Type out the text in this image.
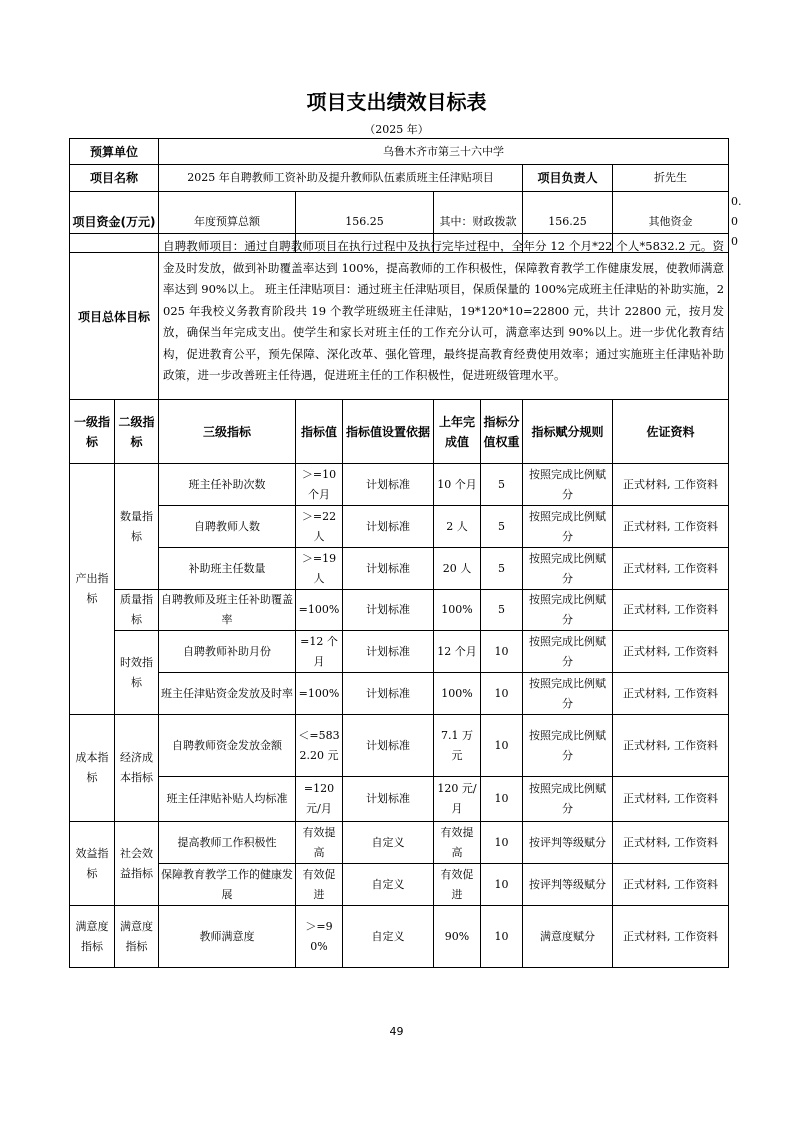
项目支出绩效目标表
（2025 年）
预算单位	乌鲁木齐市第三十六中学					
项目名称	2025 年自聘教师工资补助及提升教师队伍素质班主任津贴项目			项目负责人	折先生	
项目资金(万元)	年度预算总额	156.25	其中：财政拨款	156.25	其他资金	0.00
项目总体目标		自聘教师项目：通过自聘教师项目在执行过程中及执行完毕过程中，全年分 12 个月*22 个人*5832.2 元。资金及时发放，做到补助覆盖率达到 100%，提高教师的工作积极性，保障教育教学工作健康发展，使教师满意率达到 90%以上。 班主任津贴项目：通过班主任津贴项目，保质保量的 100%完成班主任津贴的补助实施，2025 年我校义务教育阶段共 19 个教学班级班主任津贴，19*120*10=22800 元，共计 22800 元，按月发放，确保当年完成支出。使学生和家长对班主任的工作充分认可，满意率达到 90%以上。进一步优化教育结构，促进教育公平，预先保障、深化改革、强化管理，最终提高教育经费使用效率；通过实施班主任津贴补助政策，进一步改善班主任待遇，促进班主任的工作积极性，促进班级管理水平。						
一级指标	二级指标	三级指标	指标值	指标值设置依据	上年完成值	指标分值权重	指标赋分规则	佐证资料
产出指标	数量指标	班主任补助次数	＞=10 个月	计划标准	10 个月	5	按照完成比例赋分	正式材料, 工作资料
		自聘教师人数	＞=22 人	计划标准	2 人	5	按照完成比例赋分	正式材料, 工作资料
		补助班主任数量	＞=19 人	计划标准	20 人	5	按照完成比例赋分	正式材料, 工作资料
	质量指标	自聘教师及班主任补助覆盖率	=100%	计划标准	100%	5	按照完成比例赋分	正式材料, 工作资料
	时效指标	自聘教师补助月份	=12 个月	计划标准	12 个月	10	按照完成比例赋分	正式材料, 工作资料
		班主任津贴资金发放及时率	=100%	计划标准	100%	10	按照完成比例赋分	正式材料, 工作资料
成本指标	经济成本指标	自聘教师资金发放金额	＜=5832.20 元	计划标准	7.1 万元	10	按照完成比例赋分	正式材料, 工作资料
		班主任津贴补贴人均标准	=120 元/月	计划标准	120 元/月	10	按照完成比例赋分	正式材料, 工作资料
效益指标	社会效益指标	提高教师工作积极性	有效提高	自定义	有效提高	10	按评判等级赋分	正式材料, 工作资料
		保障教育教学工作的健康发展	有效促进	自定义	有效促进	10	按评判等级赋分	正式材料, 工作资料
满意度指标	满意度指标	教师满意度	＞=90%	自定义	90%	10	满意度赋分	正式材料, 工作资料
49
